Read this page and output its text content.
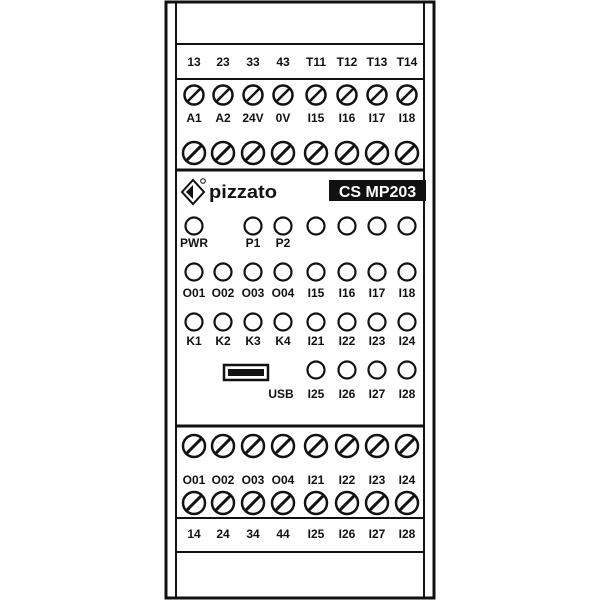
13 23 33 43 T11 T12 T13 T14
A1 A2 24V 0V I15 I16 I17 I18
pizzato	CS MP203
PWR	P1 P2
O01 O02 O03 O04 I15 I16 I17 I18
K1 K2 K3 K4 I21 I22 I23 I24
I25 I26 I27 I28
USB
O01 O02 O03 O04 I21 I22 I23 I24
14 24 34 44 I25 I26 I27 I28
